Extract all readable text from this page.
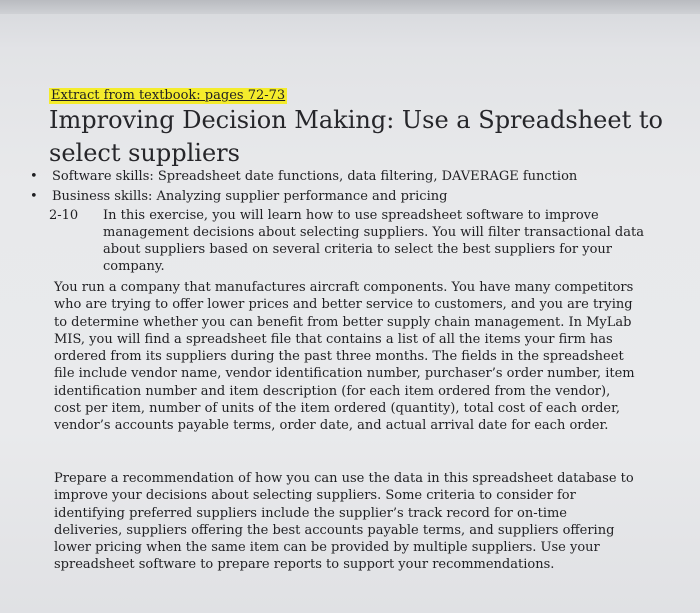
Extract from textbook: pages 72-73
Improving Decision Making: Use a Spreadsheet to
select suppliers
• Software skills: Spreadsheet date functions, data filtering, DAVERAGE function
• Business skills: Analyzing supplier performance and pricing
2-10 In this exercise, you will learn how to use spreadsheet software to improve management decisions about selecting suppliers. You will filter transactional data about suppliers based on several criteria to select the best suppliers for your company.
You run a company that manufactures aircraft components. You have many competitors who are trying to offer lower prices and better service to customers, and you are trying to determine whether you can benefit from better supply chain management. In MyLab MIS, you will find a spreadsheet file that contains a list of all the items your firm has ordered from its suppliers during the past three months. The fields in the spreadsheet file include vendor name, vendor identification number, purchaser’s order number, item identification number and item description (for each item ordered from the vendor), cost per item, number of units of the item ordered (quantity), total cost of each order, vendor’s accounts payable terms, order date, and actual arrival date for each order.
Prepare a recommendation of how you can use the data in this spreadsheet database to improve your decisions about selecting suppliers. Some criteria to consider for identifying preferred suppliers include the supplier’s track record for on-time deliveries, suppliers offering the best accounts payable terms, and suppliers offering lower pricing when the same item can be provided by multiple suppliers. Use your spreadsheet software to prepare reports to support your recommendations.
